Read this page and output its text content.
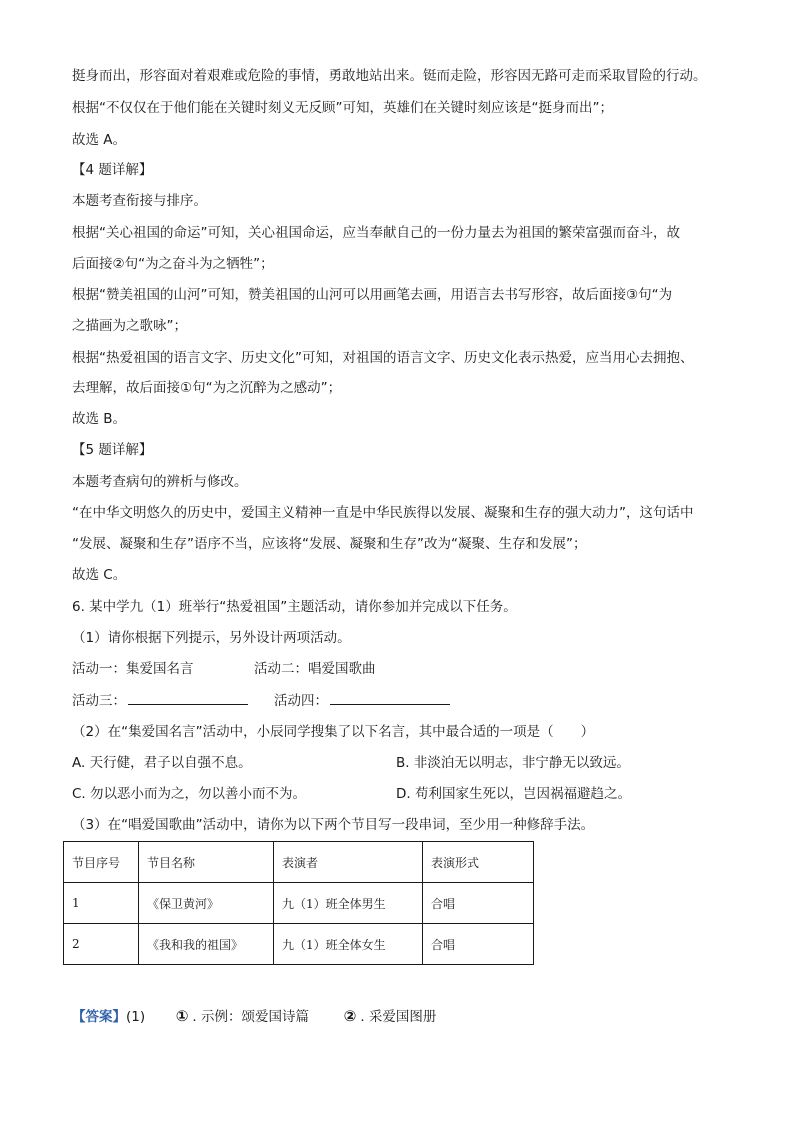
挺身而出，形容面对着艰难或危险的事情，勇敢地站出来。铤而走险，形容因无路可走而采取冒险的行动。
根据“不仅仅在于他们能在关键时刻义无反顾”可知，英雄们在关键时刻应该是“挺身而出”；
故选 A。
【4 题详解】
本题考查衔接与排序。
根据“关心祖国的命运”可知，关心祖国命运，应当奉献自己的一份力量去为祖国的繁荣富强而奋斗，故
后面接②句“为之奋斗为之牺牲”；
根据“赞美祖国的山河”可知，赞美祖国的山河可以用画笔去画，用语言去书写形容，故后面接③句“为
之描画为之歌咏”；
根据“热爱祖国的语言文字、历史文化”可知，对祖国的语言文字、历史文化表示热爱，应当用心去拥抱、
去理解，故后面接①句“为之沉醉为之感动”；
故选 B。
【5 题详解】
本题考查病句的辨析与修改。
“在中华文明悠久的历史中，爱国主义精神一直是中华民族得以发展、凝聚和生存的强大动力”，这句话中
“发展、凝聚和生存”语序不当，应该将“发展、凝聚和生存”改为“凝聚、生存和发展”；
故选 C。
6. 某中学九（1）班举行“热爱祖国”主题活动，请你参加并完成以下任务。
（1）请你根据下列提示，另外设计两项活动。
活动一：集爱国名言	活动二：唱爱国歌曲
活动三：	活动四：
（2）在“集爱国名言”活动中，小辰同学搜集了以下名言，其中最合适的一项是（　　）
A. 天行健，君子以自强不息。	B. 非淡泊无以明志，非宁静无以致远。
C. 勿以恶小而为之，勿以善小而不为。	D. 苟利国家生死以，岂因祸福避趋之。
（3）在“唱爱国歌曲”活动中，请你为以下两个节目写一段串词，至少用一种修辞手法。
节目序号	节目名称	表演者	表演形式
1	《保卫黄河》	九（1）班全体男生	合唱
2	《我和我的祖国》	九（1）班全体女生	合唱
【答案】(1) ① . 示例：颂爱国诗篇 ② . 采爱国图册
